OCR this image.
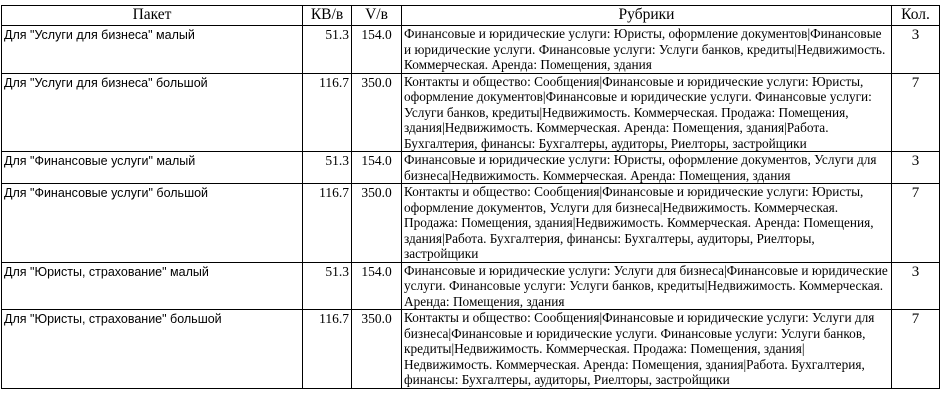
Пакет	КВ/в	V/в	Рубрики	Кол.
Для "Услуги для бизнеса" малый	51.3	154.0	Финансовые и юридические услуги: Юристы, оформление документов|Финансовые и юридические услуги. Финансовые услуги: Услуги банков, кредиты|Недвижимость. Коммерческая. Аренда: Помещения, здания	3
Для "Услуги для бизнеса" большой	116.7	350.0	Контакты и общество: Сообщения|Финансовые и юридические услуги: Юристы, оформление документов|Финансовые и юридические услуги. Финансовые услуги: Услуги банков, кредиты|Недвижимость. Коммерческая. Продажа: Помещения, здания|Недвижимость. Коммерческая. Аренда: Помещения, здания|Работа. Бухгалтерия, финансы: Бухгалтеры, аудиторы, Риелторы, застройщики	7
Для "Финансовые услуги" малый	51.3	154.0	Финансовые и юридические услуги: Юристы, оформление документов, Услуги для бизнеса|Недвижимость. Коммерческая. Аренда: Помещения, здания	3
Для "Финансовые услуги" большой	116.7	350.0	Контакты и общество: Сообщения|Финансовые и юридические услуги: Юристы, оформление документов, Услуги для бизнеса|Недвижимость. Коммерческая. Продажа: Помещения, здания|Недвижимость. Коммерческая. Аренда: Помещения, здания|Работа. Бухгалтерия, финансы: Бухгалтеры, аудиторы, Риелторы, застройщики	7
Для "Юристы, страхование" малый	51.3	154.0	Финансовые и юридические услуги: Услуги для бизнеса|Финансовые и юридические услуги. Финансовые услуги: Услуги банков, кредиты|Недвижимость. Коммерческая. Аренда: Помещения, здания	3
Для "Юристы, страхование" большой	116.7	350.0	Контакты и общество: Сообщения|Финансовые и юридические услуги: Услуги для бизнеса|Финансовые и юридические услуги. Финансовые услуги: Услуги банков, кредиты|Недвижимость. Коммерческая. Продажа: Помещения, здания|Недвижимость. Коммерческая. Аренда: Помещения, здания|Работа. Бухгалтерия, финансы: Бухгалтеры, аудиторы, Риелторы, застройщики	7
